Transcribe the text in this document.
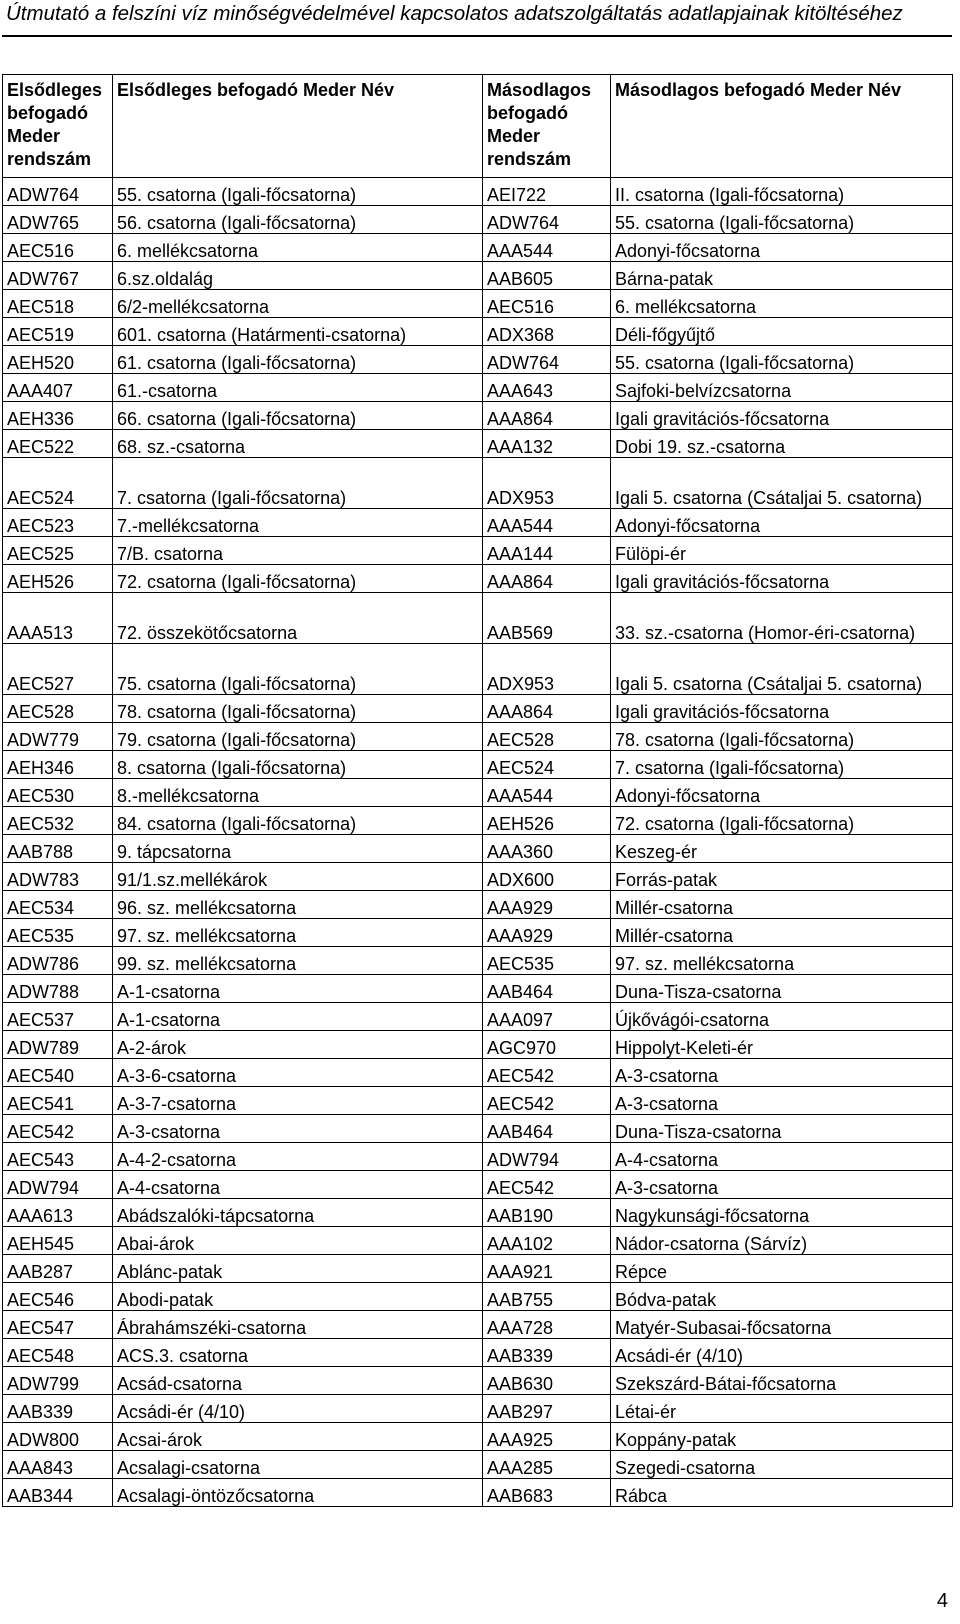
Útmutató a felszíni víz minőségvédelmével kapcsolatos adatszolgáltatás adatlapjainak kitöltéséhez
Elsődleges befogadó Meder rendszám	Elsődleges befogadó Meder Név	Másodlagos befogadó Meder rendszám	Másodlagos befogadó Meder Név
ADW764	55. csatorna (Igali-főcsatorna)	AEI722	II. csatorna (Igali-főcsatorna)
ADW765	56. csatorna (Igali-főcsatorna)	ADW764	55. csatorna (Igali-főcsatorna)
AEC516	6. mellékcsatorna	AAA544	Adonyi-főcsatorna
ADW767	6.sz.oldalág	AAB605	Bárna-patak
AEC518	6/2-mellékcsatorna	AEC516	6. mellékcsatorna
AEC519	601. csatorna (Határmenti-csatorna)	ADX368	Déli-főgyűjtő
AEH520	61. csatorna (Igali-főcsatorna)	ADW764	55. csatorna (Igali-főcsatorna)
AAA407	61.-csatorna	AAA643	Sajfoki-belvízcsatorna
AEH336	66. csatorna (Igali-főcsatorna)	AAA864	Igali gravitációs-főcsatorna
AEC522	68. sz.-csatorna	AAA132	Dobi 19. sz.-csatorna
AEC524	7. csatorna (Igali-főcsatorna)	ADX953	Igali 5. csatorna (Csátaljai 5. csatorna)
AEC523	7.-mellékcsatorna	AAA544	Adonyi-főcsatorna
AEC525	7/B. csatorna	AAA144	Fülöpi-ér
AEH526	72. csatorna (Igali-főcsatorna)	AAA864	Igali gravitációs-főcsatorna
AAA513	72. összekötőcsatorna	AAB569	33. sz.-csatorna (Homor-éri-csatorna)
AEC527	75. csatorna (Igali-főcsatorna)	ADX953	Igali 5. csatorna (Csátaljai 5. csatorna)
AEC528	78. csatorna (Igali-főcsatorna)	AAA864	Igali gravitációs-főcsatorna
ADW779	79. csatorna (Igali-főcsatorna)	AEC528	78. csatorna (Igali-főcsatorna)
AEH346	8. csatorna (Igali-főcsatorna)	AEC524	7. csatorna (Igali-főcsatorna)
AEC530	8.-mellékcsatorna	AAA544	Adonyi-főcsatorna
AEC532	84. csatorna (Igali-főcsatorna)	AEH526	72. csatorna (Igali-főcsatorna)
AAB788	9. tápcsatorna	AAA360	Keszeg-ér
ADW783	91/1.sz.mellékárok	ADX600	Forrás-patak
AEC534	96. sz. mellékcsatorna	AAA929	Millér-csatorna
AEC535	97. sz. mellékcsatorna	AAA929	Millér-csatorna
ADW786	99. sz. mellékcsatorna	AEC535	97. sz. mellékcsatorna
ADW788	A-1-csatorna	AAB464	Duna-Tisza-csatorna
AEC537	A-1-csatorna	AAA097	Újkővágói-csatorna
ADW789	A-2-árok	AGC970	Hippolyt-Keleti-ér
AEC540	A-3-6-csatorna	AEC542	A-3-csatorna
AEC541	A-3-7-csatorna	AEC542	A-3-csatorna
AEC542	A-3-csatorna	AAB464	Duna-Tisza-csatorna
AEC543	A-4-2-csatorna	ADW794	A-4-csatorna
ADW794	A-4-csatorna	AEC542	A-3-csatorna
AAA613	Abádszalóki-tápcsatorna	AAB190	Nagykunsági-főcsatorna
AEH545	Abai-árok	AAA102	Nádor-csatorna (Sárvíz)
AAB287	Ablánc-patak	AAA921	Répce
AEC546	Abodi-patak	AAB755	Bódva-patak
AEC547	Ábrahámszéki-csatorna	AAA728	Matyér-Subasai-főcsatorna
AEC548	ACS.3. csatorna	AAB339	Acsádi-ér (4/10)
ADW799	Acsád-csatorna	AAB630	Szekszárd-Bátai-főcsatorna
AAB339	Acsádi-ér (4/10)	AAB297	Létai-ér
ADW800	Acsai-árok	AAA925	Koppány-patak
AAA843	Acsalagi-csatorna	AAA285	Szegedi-csatorna
AAB344	Acsalagi-öntözőcsatorna	AAB683	Rábca
4
